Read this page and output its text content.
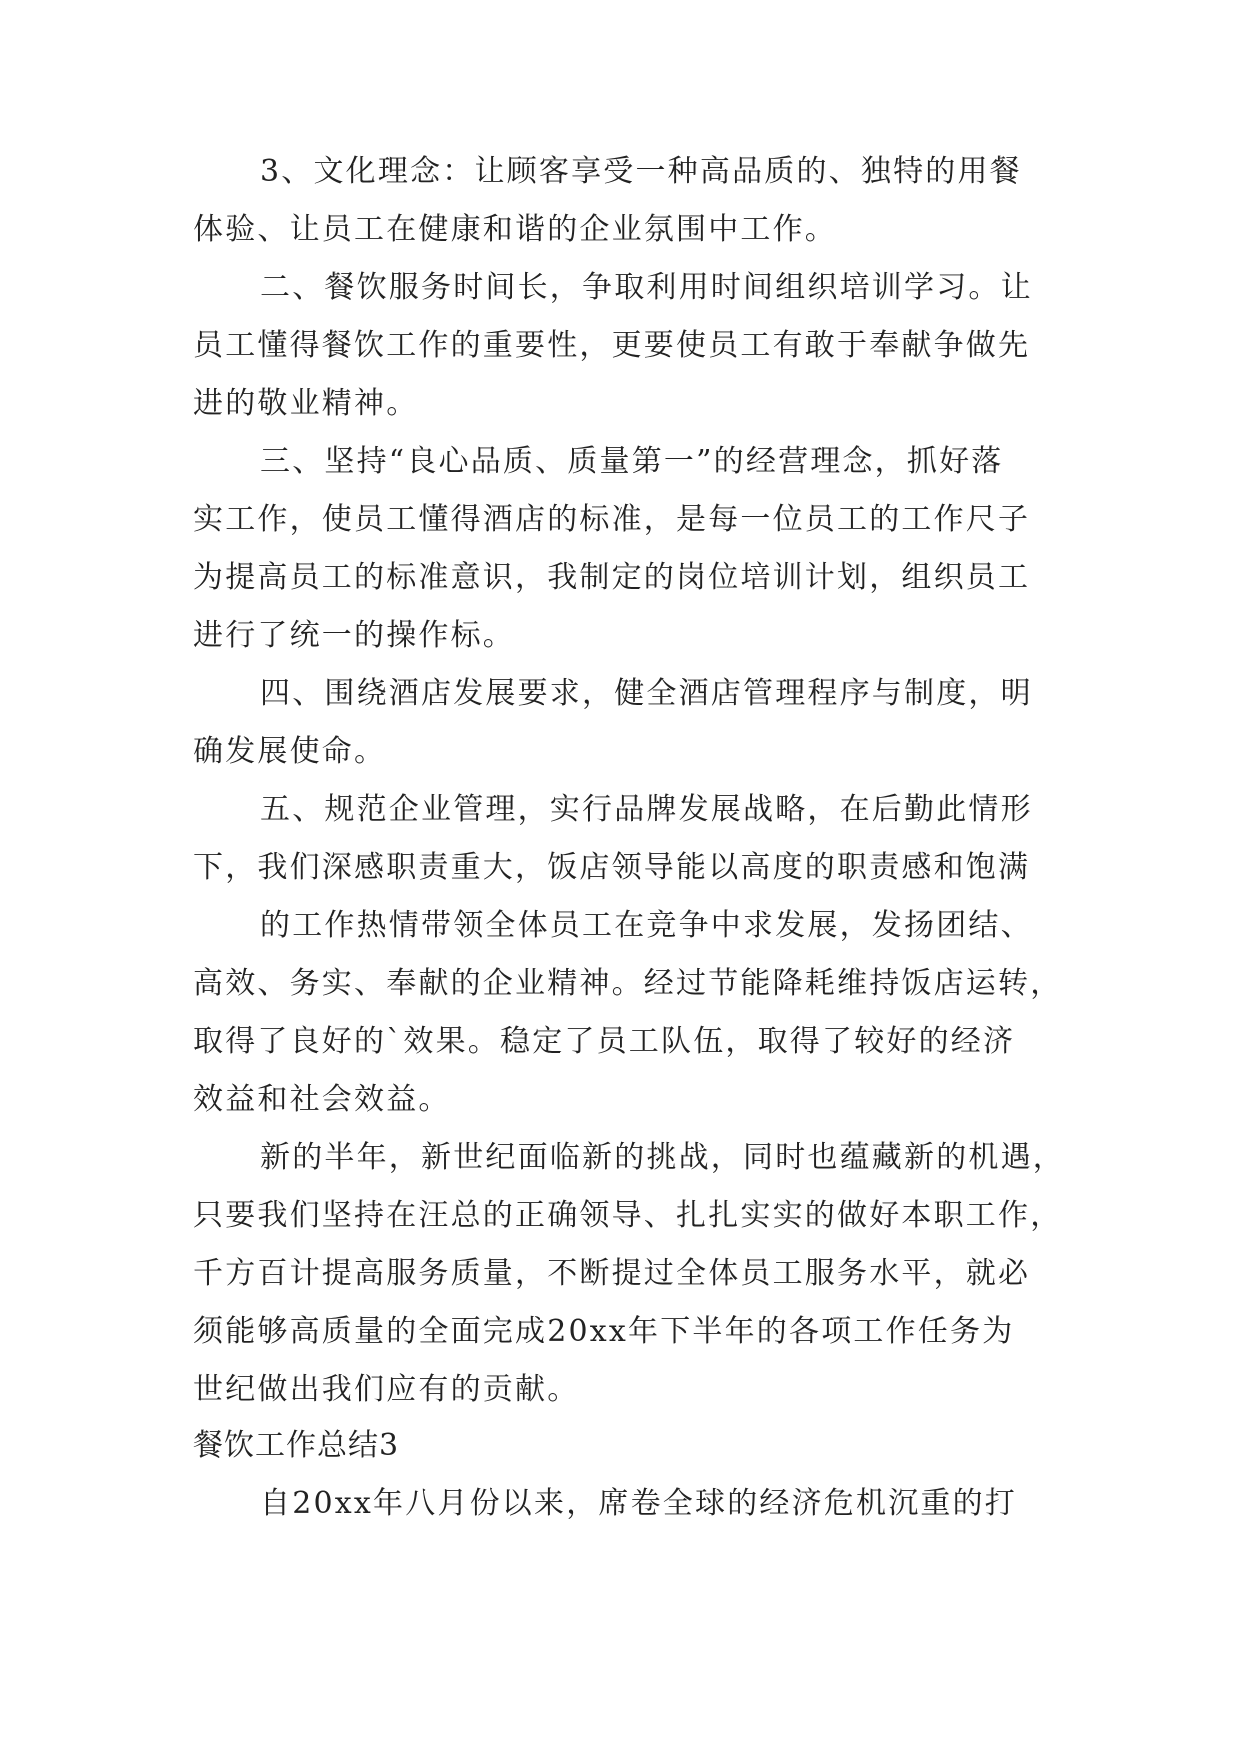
3、文化理念：让顾客享受一种高品质的、独特的用餐
体验、让员工在健康和谐的企业氛围中工作。
二、餐饮服务时间长，争取利用时间组织培训学习。让
员工懂得餐饮工作的重要性，更要使员工有敢于奉献争做先
进的敬业精神。
三、坚持“良心品质、质量第一”的经营理念，抓好落
实工作，使员工懂得酒店的标准，是每一位员工的工作尺子
为提高员工的标准意识，我制定的岗位培训计划，组织员工
进行了统一的操作标。
四、围绕酒店发展要求，健全酒店管理程序与制度，明
确发展使命。
五、规范企业管理，实行品牌发展战略，在后勤此情形
下，我们深感职责重大，饭店领导能以高度的职责感和饱满
的工作热情带领全体员工在竞争中求发展，发扬团结、
高效、务实、奉献的企业精神。经过节能降耗维持饭店运转，
取得了良好的`效果。稳定了员工队伍，取得了较好的经济
效益和社会效益。
新的半年，新世纪面临新的挑战，同时也蕴藏新的机遇，
只要我们坚持在汪总的正确领导、扎扎实实的做好本职工作，
千方百计提高服务质量，不断提过全体员工服务水平，就必
须能够高质量的全面完成20xx年下半年的各项工作任务为
世纪做出我们应有的贡献。
餐饮工作总结3
自20xx年八月份以来，席卷全球的经济危机沉重的打
